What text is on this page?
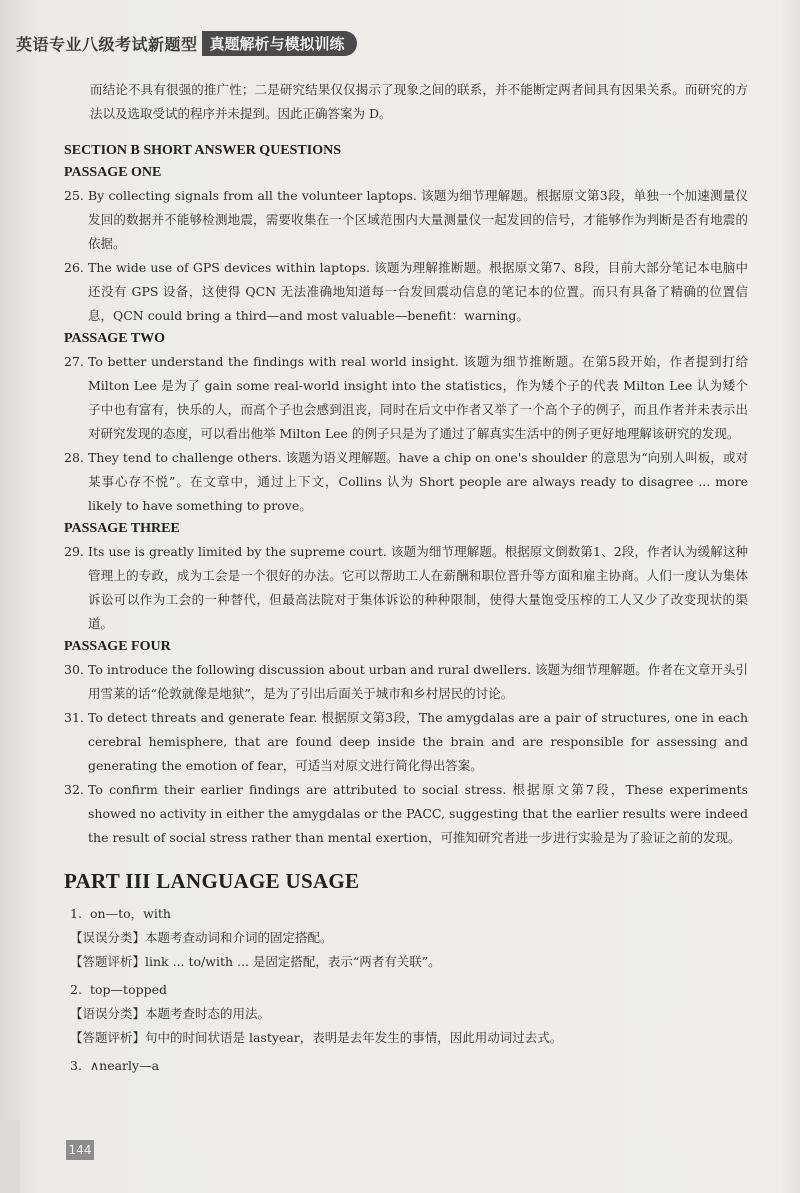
英语专业八级考试新题型 真题解析与模拟训练

而结论不具有很强的推广性；二是研究结果仅仅揭示了现象之间的联系，并不能断定两者间具有因果关系。而研究的方法以及选取受试的程序并未提到。因此正确答案为 D。

SECTION B SHORT ANSWER QUESTIONS
PASSAGE ONE
25. By collecting signals from all the volunteer laptops. 该题为细节理解题。根据原文第3段，单独一个加速测量仪发回的数据并不能够检测地震，需要收集在一个区域范围内大量测量仪一起发回的信号，才能够作为判断是否有地震的依据。
26. The wide use of GPS devices within laptops. 该题为理解推断题。根据原文第7、8段，目前大部分笔记本电脑中还没有 GPS 设备，这使得 QCN 无法准确地知道每一台发回震动信息的笔记本的位置。而只有具备了精确的位置信息，QCN could bring a third—and most valuable—benefit：warning。
PASSAGE TWO
27. To better understand the findings with real world insight. 该题为细节推断题。在第5段开始，作者提到打给 Milton Lee 是为了 gain some real-world insight into the statistics，作为矮个子的代表 Milton Lee 认为矮个子中也有富有，快乐的人，而高个子也会感到沮丧，同时在后文中作者又举了一个高个子的例子，而且作者并未表示出对研究发现的态度，可以看出他举 Milton Lee 的例子只是为了通过了解真实生活中的例子更好地理解该研究的发现。
28. They tend to challenge others. 该题为语义理解题。have a chip on one's shoulder 的意思为“向别人叫板，或对某事心存不悦”。在文章中，通过上下文，Collins 认为 Short people are always ready to disagree ... more likely to have something to prove。
PASSAGE THREE
29. Its use is greatly limited by the supreme court. 该题为细节理解题。根据原文倒数第1、2段，作者认为缓解这种管理上的专政，成为工会是一个很好的办法。它可以帮助工人在薪酬和职位晋升等方面和雇主协商。人们一度认为集体诉讼可以作为工会的一种替代，但最高法院对于集体诉讼的种种限制，使得大量饱受压榨的工人又少了改变现状的渠道。
PASSAGE FOUR
30. To introduce the following discussion about urban and rural dwellers. 该题为细节理解题。作者在文章开头引用雪莱的话“伦敦就像是地狱”，是为了引出后面关于城市和乡村居民的讨论。
31. To detect threats and generate fear. 根据原文第3段，The amygdalas are a pair of structures, one in each cerebral hemisphere, that are found deep inside the brain and are responsible for assessing and generating the emotion of fear，可适当对原文进行简化得出答案。
32. To confirm their earlier findings are attributed to social stress. 根据原文第7段，These experiments showed no activity in either the amygdalas or the PACC, suggesting that the earlier results were indeed the result of social stress rather than mental exertion，可推知研究者进一步进行实验是为了验证之前的发现。
PART III LANGUAGE USAGE
1. on—to，with
【误误分类】本题考查动词和介词的固定搭配。
【答题评析】link ... to/with ... 是固定搭配，表示“两者有关联”。
2. top—topped
【语误分类】本题考查时态的用法。
【答题评析】句中的时间状语是 lastyear，表明是去年发生的事情，因此用动词过去式。
3. ∧nearly—a
144
